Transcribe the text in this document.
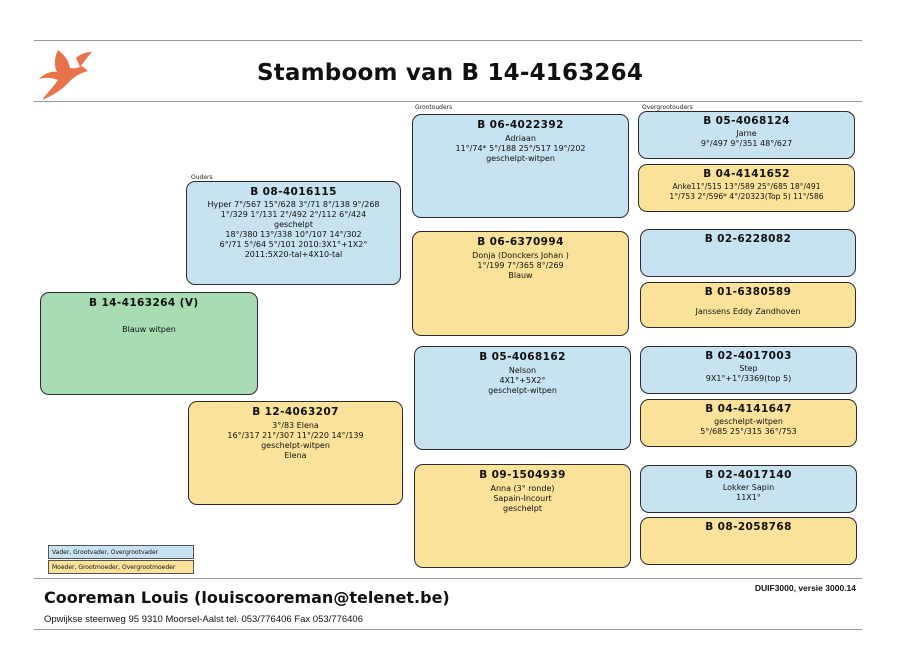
Stamboom van B 14-4163264
Ouders
Grootouders	Overgrootouders
B 14-4163264 (V)
Blauw witpen
B 08-4016115
Hyper 7°/567 15°/628 3°/71 8°/138 9°/268
1°/329 1°/131 2°/492 2°/112 6°/424
geschelpt
18°/380 13°/338 10°/107 14°/302
6°/71 5°/64 5°/101 2010:3X1°+1X2°
2011:5X20-tal+4X10-tal
B 12-4063207
3°/83 Elena
16°/317 21°/307 11°/220 14°/139
geschelpt-witpen
Elena
B 06-4022392
Adriaan
11°/74* 5°/188 25°/517 19°/202
geschelpt-witpen
B 06-6370994
Donja (Donckers Johan )
1°/199 7°/365 8°/269
Blauw
B 05-4068162
Nelson
4X1°+5X2°
geschelpt-witpen
B 09-1504939
Anna (3° ronde)
Sapain-Incourt
geschelpt
B 05-4068124
Jarne
9°/497 9°/351 48°/627
B 04-4141652
Anke11°/515 13°/589 25°/685 18°/491
1°/753 2°/596* 4°/20323(Top 5) 11°/586
B 02-6228082
B 01-6380589
Janssens Eddy Zandhoven
B 02-4017003
Step
9X1°+1°/3369(top 5)
B 04-4141647
geschelpt-witpen
5°/685 25°/315 36°/753
B 02-4017140
Lokker Sapin
11X1°
B 08-2058768
Vader, Grootvader, Overgrootvader
Moeder, Grootmoeder, Overgrootmoeder
DUIF3000, versie 3000.14
Cooreman Louis (louiscooreman@telenet.be)
Opwijkse steenweg 95 9310 Moorsel-Aalst tel. 053/776406 Fax 053/776406
